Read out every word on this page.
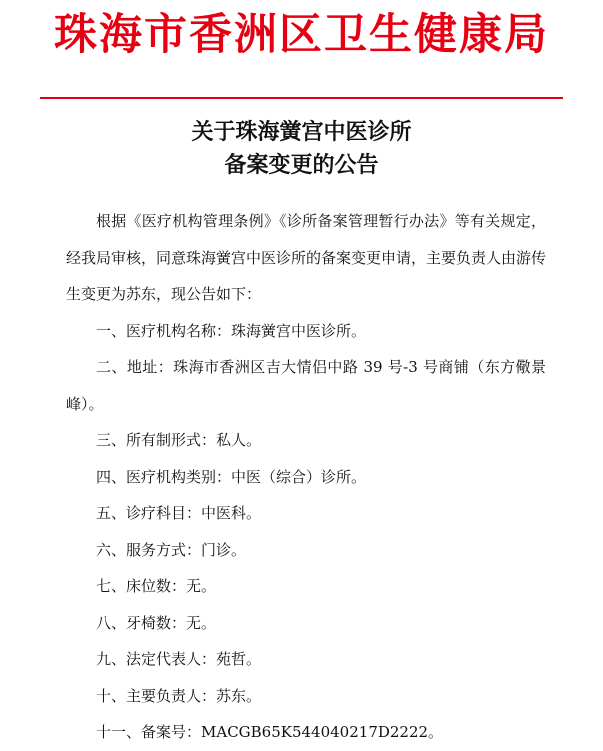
珠海市香洲区卫生健康局
关于珠海黉宫中医诊所
备案变更的公告

根据《医疗机构管理条例》《诊所备案管理暂行办法》等有关规定，经我局审核，同意珠海黉宫中医诊所的备案变更申请，主要负责人由游传生变更为苏东，现公告如下：

一、医疗机构名称：珠海黉宫中医诊所。

二、地址：珠海市香洲区吉大情侣中路 39 号-3 号商铺（东方儆景峰）。

三、所有制形式：私人。

四、医疗机构类别：中医（综合）诊所。

五、诊疗科目：中医科。

六、服务方式：门诊。

七、床位数：无。

八、牙椅数：无。

九、法定代表人：苑哲。

十、主要负责人：苏东。

十一、备案号：MACGB65K544040217D2222。
